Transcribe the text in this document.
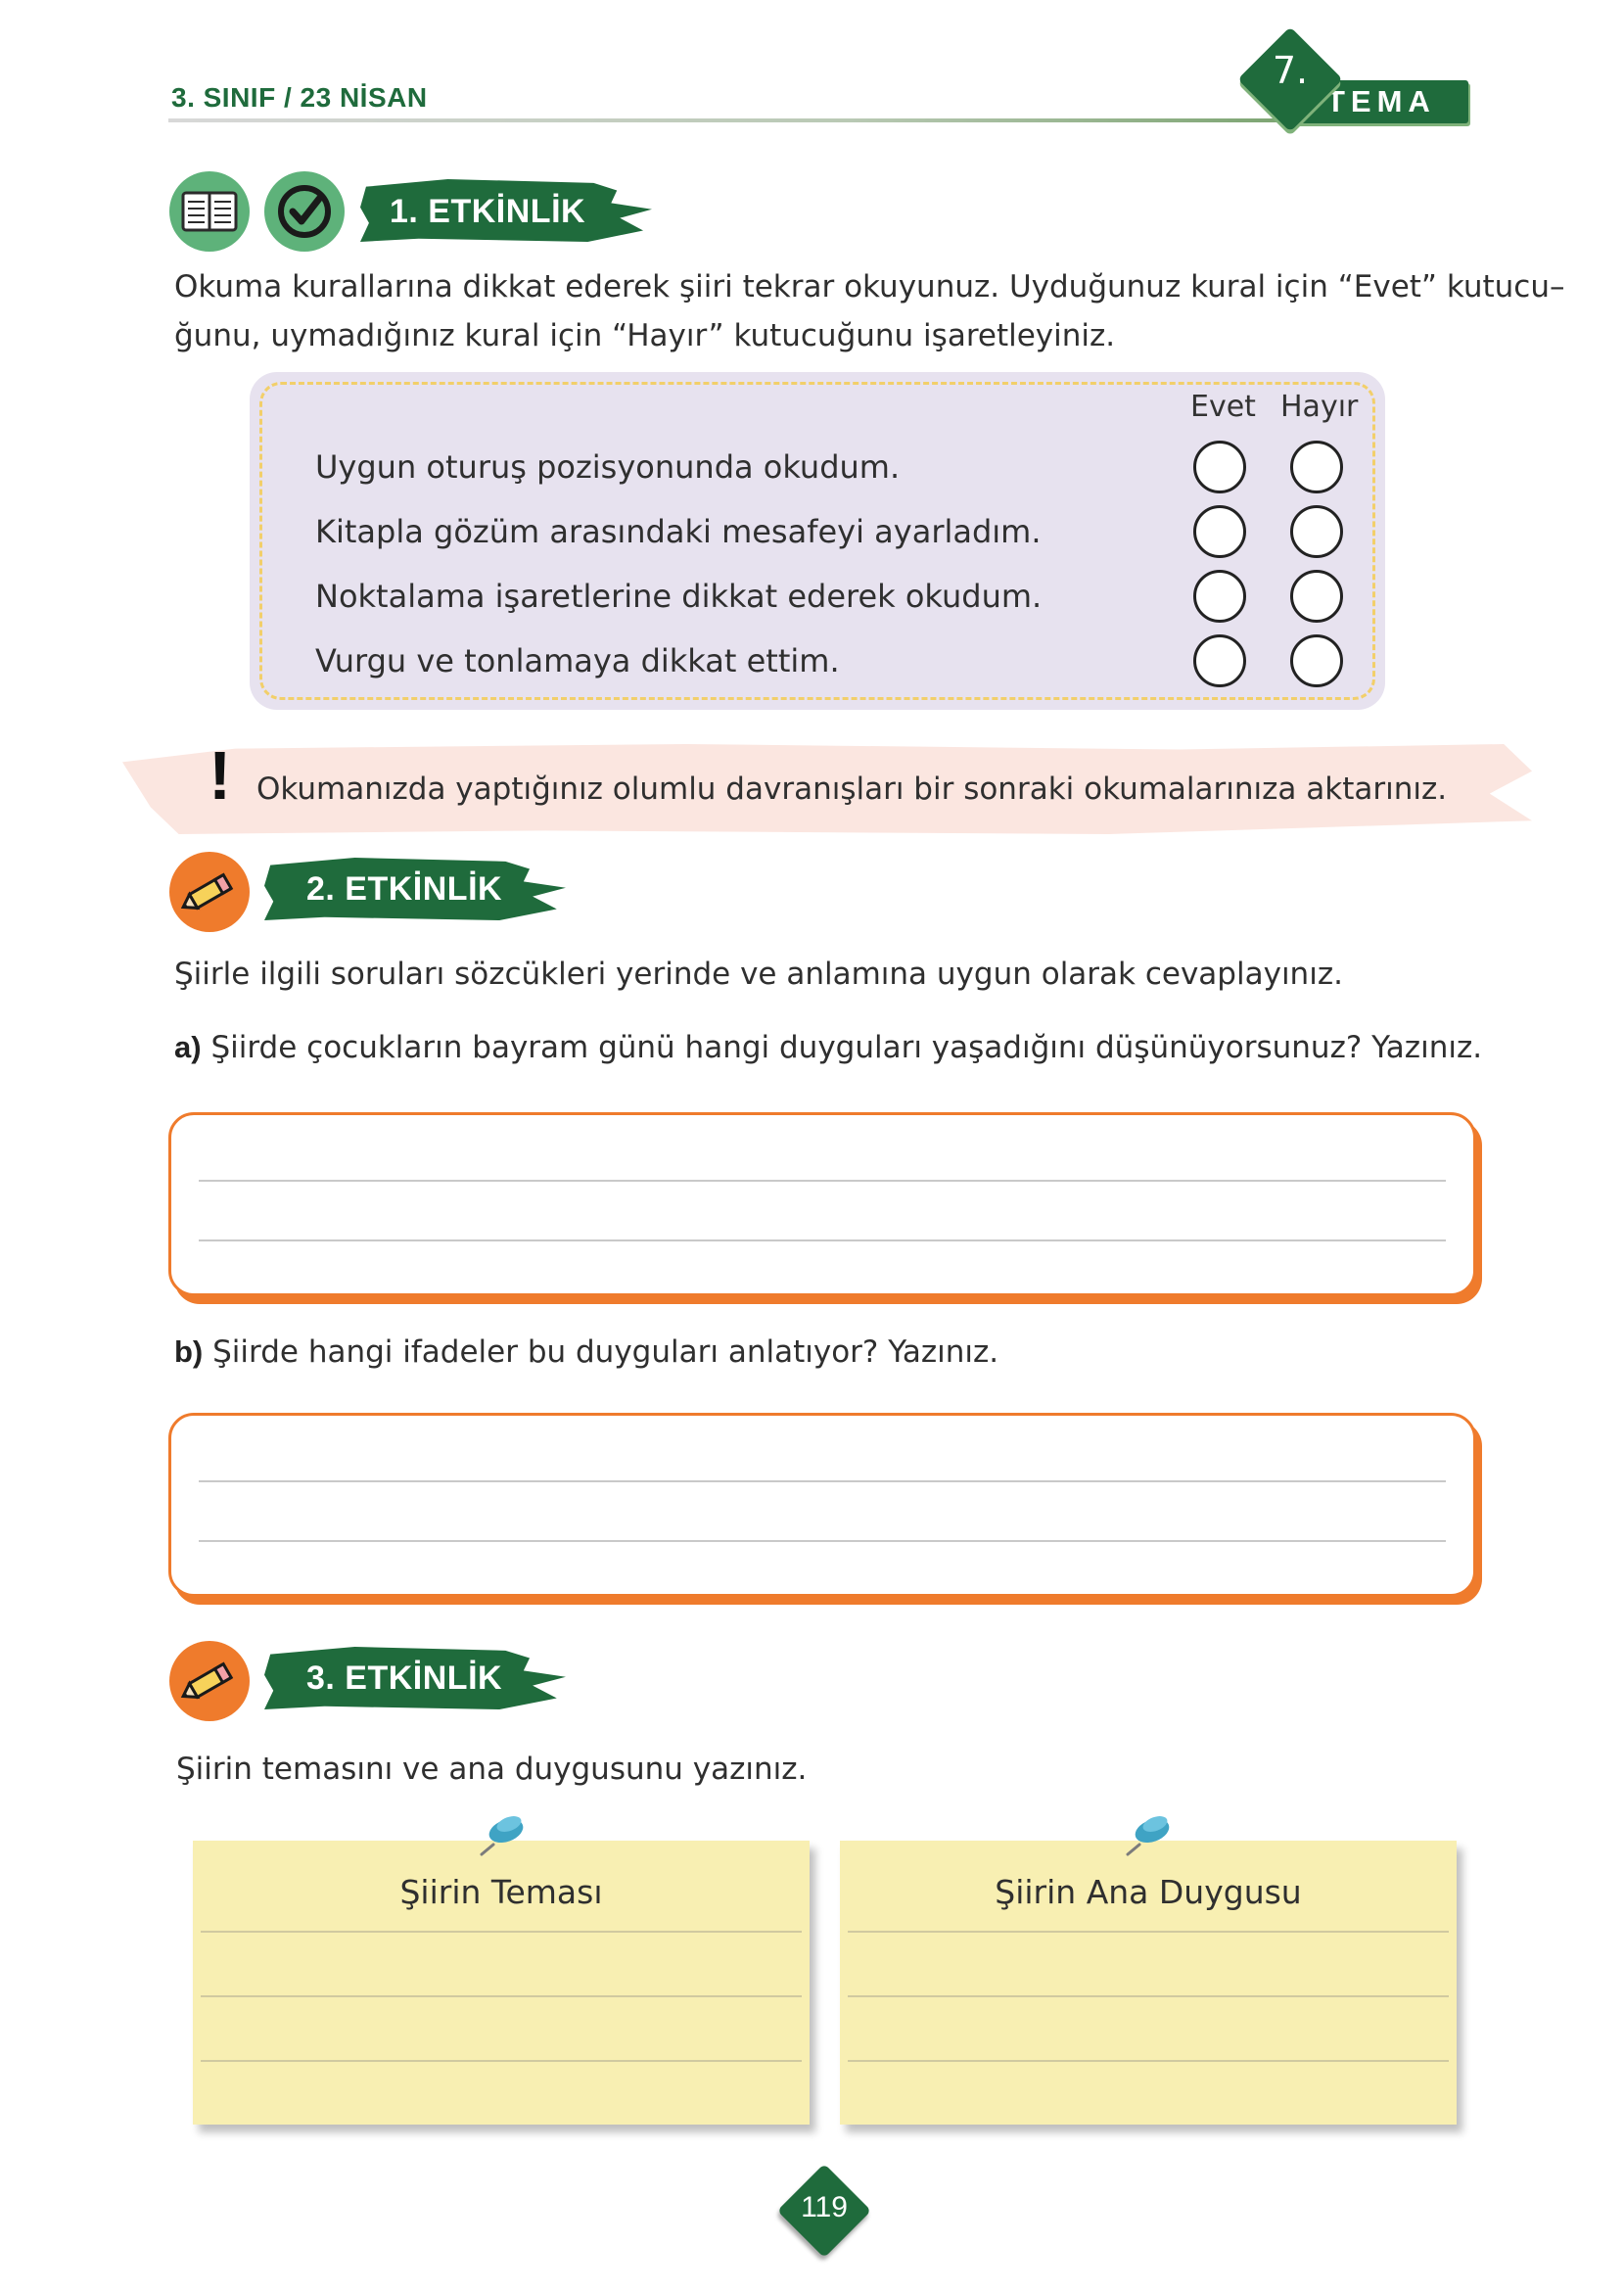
3. SINIF / 23 NİSAN	TEMA
7.
1. ETKİNLİK
Okuma kurallarına dikkat ederek şiiri tekrar okuyunuz. Uyduğunuz kural için “Evet” kutucu–
ğunu, uymadığınız kural için “Hayır” kutucuğunu işaretleyiniz.
Evet Hayır
Uygun oturuş pozisyonunda okudum.
Kitapla gözüm arasındaki mesafeyi ayarladım.
Noktalama işaretlerine dikkat ederek okudum.
Vurgu ve tonlamaya dikkat ettim.
! Okumanızda yaptığınız olumlu davranışları bir sonraki okumalarınıza aktarınız.
2. ETKİNLİK
Şiirle ilgili soruları sözcükleri yerinde ve anlamına uygun olarak cevaplayınız.
a) Şiirde çocukların bayram günü hangi duyguları yaşadığını düşünüyorsunuz? Yazınız.
b) Şiirde hangi ifadeler bu duyguları anlatıyor? Yazınız.
3. ETKİNLİK
Şiirin temasını ve ana duygusunu yazınız.
Şiirin Teması	Şiirin Ana Duygusu
119
